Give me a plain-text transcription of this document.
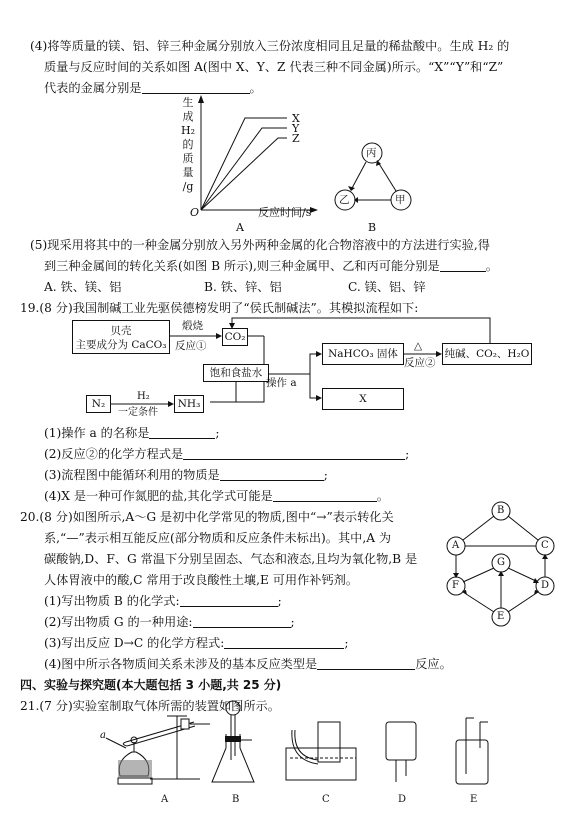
(4)将等质量的镁、铝、锌三种金属分别放入三份浓度相同且足量的稀盐酸中。生成 H₂ 的
质量与反应时间的关系如图 A(图中 X、Y、Z 代表三种不同金属)所示。“X”“Y”和“Z”
代表的金属分别是	。
生
成
H₂
的
质
量
/g
X
Y
Z
O	反应时间/s
A
丙
乙	甲
B
(5)现采用将其中的一种金属分别放入另外两种金属的化合物溶液中的方法进行实验,得
到三种金属间的转化关系(如图 B 所示),则三种金属甲、乙和丙可能分别是	。
A. 铁、镁、铝	B. 铁、锌、铝	C. 镁、铝、锌
19.(8 分)我国制碱工业先驱侯德榜发明了“侯氏制碱法”。其模拟流程如下:
贝壳
主要成分为 CaCO₃
煅烧
反应①
CO₂
饱和食盐水
N₂
H₂
一定条件
NH₃
操作 a
NaHCO₃ 固体
△
反应②
纯碱、CO₂、H₂O
X
(1)操作 a 的名称是	;
(2)反应②的化学方程式是	;
(3)流程图中能循环利用的物质是	;
(4)X 是一种可作氮肥的盐,其化学式可能是	。
20.(8 分)如图所示,A～G 是初中化学常见的物质,图中“→”表示转化关
系,“—”表示相互能反应(部分物质和反应条件未标出)。其中,A 为
碳酸钠,D、F、G 常温下分别呈固态、气态和液态,且均为氧化物,B 是
人体胃液中的酸,C 常用于改良酸性土壤,E 可用作补钙剂。
(1)写出物质 B 的化学式:	;
(2)写出物质 G 的一种用途:	;
(3)写出反应 D→C 的化学方程式:	;
(4)图中所示各物质间关系未涉及的基本反应类型是	反应。
B
A	C
G
F	D
E
四、实验与探究题(本大题包括 3 小题,共 25 分)
21.(7 分)实验室制取气体所需的装置如图所示。
a
A	B	C	D	E
